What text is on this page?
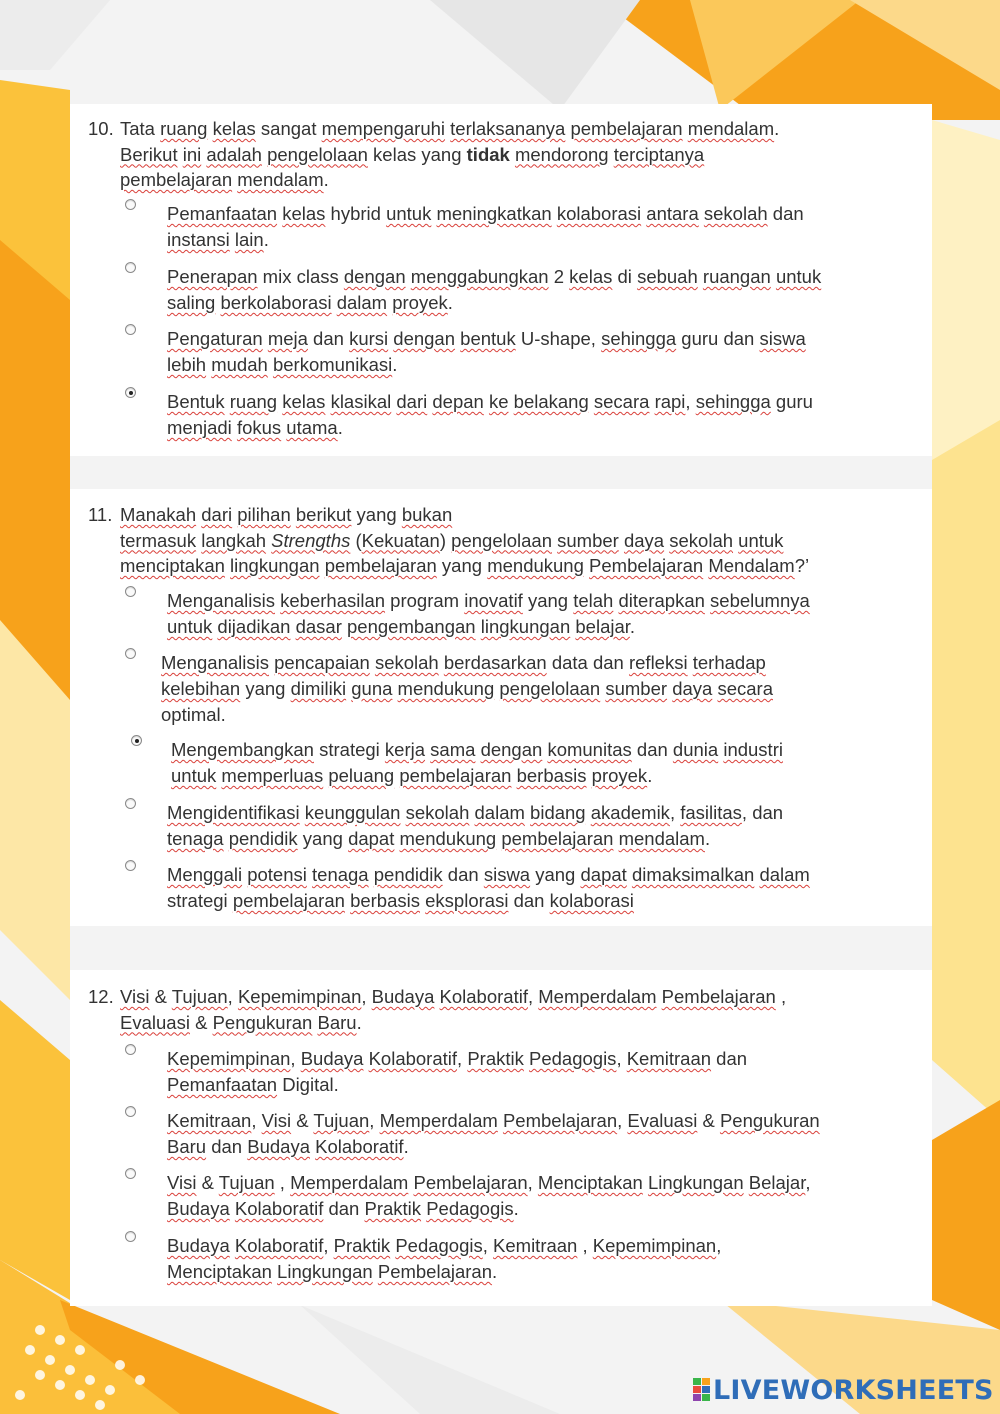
10. Tata ruang kelas sangat mempengaruhi terlaksananya pembelajaran mendalam.
Berikut ini adalah pengelolaan kelas yang tidak mendorong terciptanya
pembelajaran mendalam.
Pemanfaatan kelas hybrid untuk meningkatkan kolaborasi antara sekolah dan
instansi lain.
Penerapan mix class dengan menggabungkan 2 kelas di sebuah ruangan untuk
saling berkolaborasi dalam proyek.
Pengaturan meja dan kursi dengan bentuk U-shape, sehingga guru dan siswa
lebih mudah berkomunikasi.
Bentuk ruang kelas klasikal dari depan ke belakang secara rapi, sehingga guru
menjadi fokus utama.
11. Manakah dari pilihan berikut yang bukan
termasuk langkah Strengths (Kekuatan) pengelolaan sumber daya sekolah untuk
menciptakan lingkungan pembelajaran yang mendukung Pembelajaran Mendalam?’
Menganalisis keberhasilan program inovatif yang telah diterapkan sebelumnya
untuk dijadikan dasar pengembangan lingkungan belajar.
Menganalisis pencapaian sekolah berdasarkan data dan refleksi terhadap
kelebihan yang dimiliki guna mendukung pengelolaan sumber daya secara
optimal.
Mengembangkan strategi kerja sama dengan komunitas dan dunia industri
untuk memperluas peluang pembelajaran berbasis proyek.
Mengidentifikasi keunggulan sekolah dalam bidang akademik, fasilitas, dan
tenaga pendidik yang dapat mendukung pembelajaran mendalam.
Menggali potensi tenaga pendidik dan siswa yang dapat dimaksimalkan dalam
strategi pembelajaran berbasis eksplorasi dan kolaborasi
12. Visi & Tujuan, Kepemimpinan, Budaya Kolaboratif, Memperdalam Pembelajaran ,
Evaluasi & Pengukuran Baru.
Kepemimpinan, Budaya Kolaboratif, Praktik Pedagogis, Kemitraan dan
Pemanfaatan Digital.
Kemitraan, Visi & Tujuan, Memperdalam Pembelajaran, Evaluasi & Pengukuran
Baru dan Budaya Kolaboratif.
Visi & Tujuan , Memperdalam Pembelajaran, Menciptakan Lingkungan Belajar,
Budaya Kolaboratif dan Praktik Pedagogis.
Budaya Kolaboratif, Praktik Pedagogis, Kemitraan , Kepemimpinan,
Menciptakan Lingkungan Pembelajaran.
LIVEWORKSHEETS
